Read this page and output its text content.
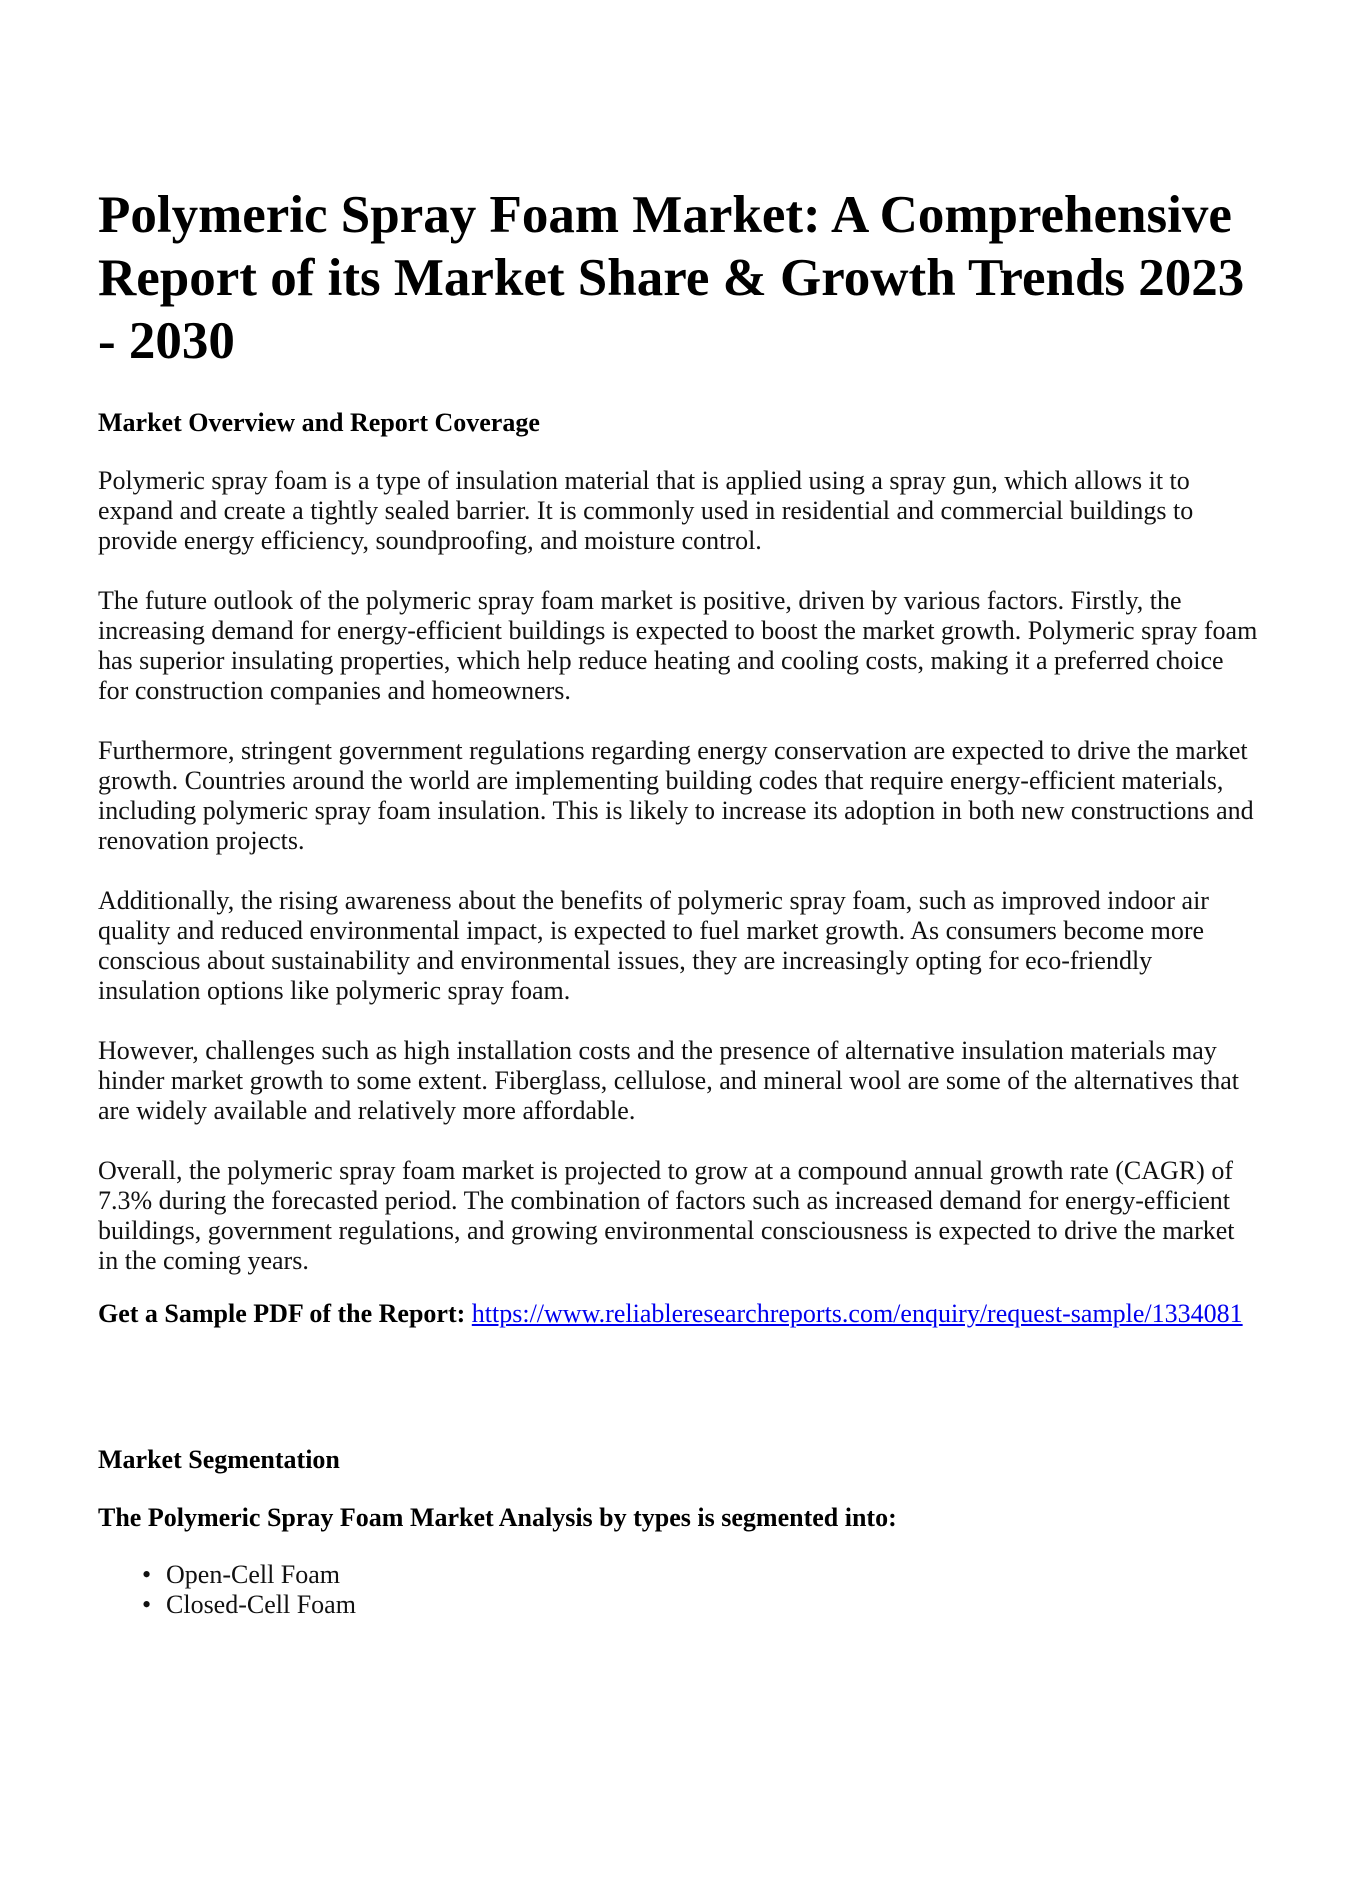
Polymeric Spray Foam Market: A Comprehensive Report of its Market Share & Growth Trends 2023 - 2030
Market Overview and Report Coverage

Polymeric spray foam is a type of insulation material that is applied using a spray gun, which allows it to expand and create a tightly sealed barrier. It is commonly used in residential and commercial buildings to provide energy efficiency, soundproofing, and moisture control.

The future outlook of the polymeric spray foam market is positive, driven by various factors. Firstly, the increasing demand for energy-efficient buildings is expected to boost the market growth. Polymeric spray foam has superior insulating properties, which help reduce heating and cooling costs, making it a preferred choice for construction companies and homeowners.

Furthermore, stringent government regulations regarding energy conservation are expected to drive the market growth. Countries around the world are implementing building codes that require energy-efficient materials, including polymeric spray foam insulation. This is likely to increase its adoption in both new constructions and renovation projects.

Additionally, the rising awareness about the benefits of polymeric spray foam, such as improved indoor air quality and reduced environmental impact, is expected to fuel market growth. As consumers become more conscious about sustainability and environmental issues, they are increasingly opting for eco-friendly insulation options like polymeric spray foam.

However, challenges such as high installation costs and the presence of alternative insulation materials may hinder market growth to some extent. Fiberglass, cellulose, and mineral wool are some of the alternatives that are widely available and relatively more affordable.

Overall, the polymeric spray foam market is projected to grow at a compound annual growth rate (CAGR) of 7.3% during the forecasted period. The combination of factors such as increased demand for energy-efficient buildings, government regulations, and growing environmental consciousness is expected to drive the market in the coming years.

Get a Sample PDF of the Report: https://www.reliableresearchreports.com/enquiry/request-sample/1334081

Market Segmentation
The Polymeric Spray Foam Market Analysis by types is segmented into:
• Open-Cell Foam
• Closed-Cell Foam
